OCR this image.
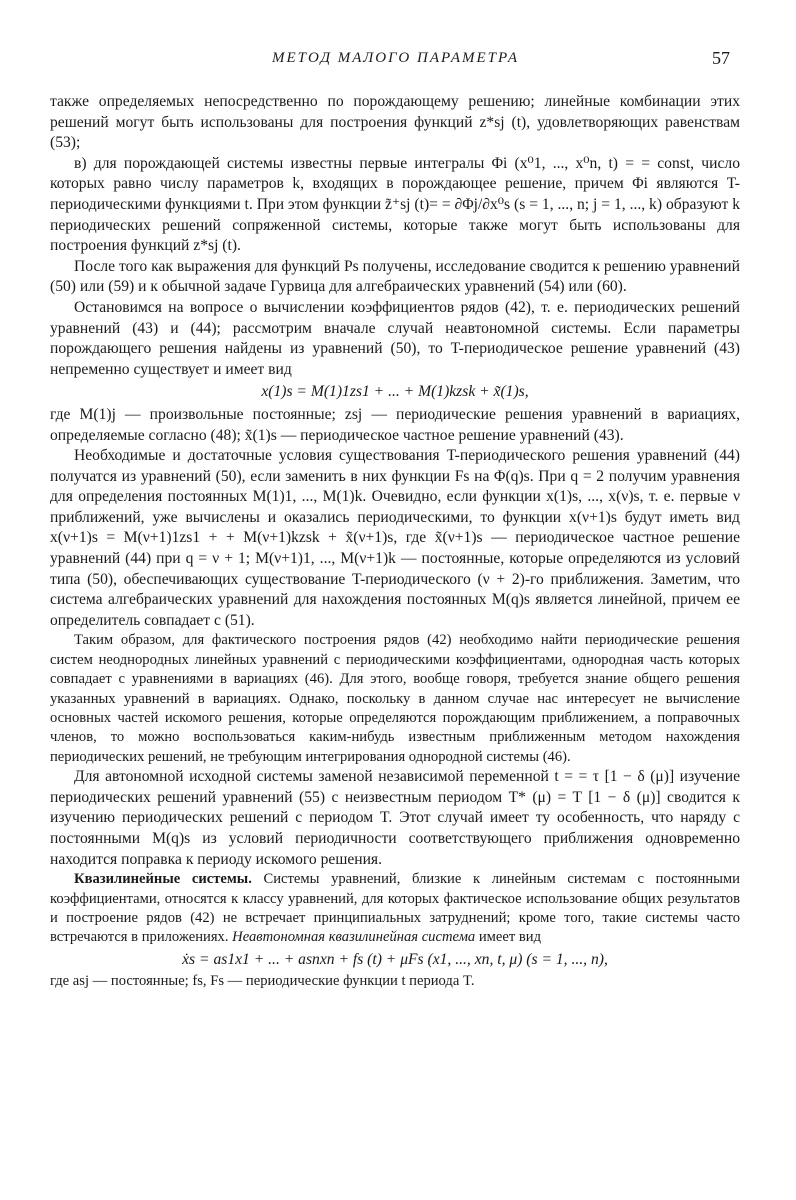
МЕТОД МАЛОГО ПАРАМЕТРА	57

также определяемых непосредственно по порождающему решению; линейные комбинации этих решений могут быть использованы для построения функций z*sj (t), удовлетворяющих равенствам (53);

в) для порождающей системы известны первые интегралы Φi (x⁰1, ..., x⁰n, t) = = const, число которых равно числу параметров k, входящих в порождающее решение, причем Φi являются T-периодическими функциями t. При этом функции z̃⁺sj (t)= = ∂Φj/∂x⁰s (s = 1, ..., n; j = 1, ..., k) образуют k периодических решений сопряженной системы, которые также могут быть использованы для построения функций z*sj (t).

После того как выражения для функций Ps получены, исследование сводится к решению уравнений (50) или (59) и к обычной задаче Гурвица для алгебраических уравнений (54) или (60).

Остановимся на вопросе о вычислении коэффициентов рядов (42), т. е. периодических решений уравнений (43) и (44); рассмотрим вначале случай неавтономной системы. Если параметры порождающего решения найдены из уравнений (50), то T-периодическое решение уравнений (43) непременно существует и имеет вид

x(1)s = M(1)1zs1 + ... + M(1)kzsk + x̃(1)s,

где M(1)j — произвольные постоянные; zsj — периодические решения уравнений в вариациях, определяемые согласно (48); x̃(1)s — периодическое частное решение уравнений (43).

Необходимые и достаточные условия существования T-периодического решения уравнений (44) получатся из уравнений (50), если заменить в них функции Fs на Φ(q)s. При q = 2 получим уравнения для определения постоянных M(1)1, ..., M(1)k. Очевидно, если функции x(1)s, ..., x(ν)s, т. е. первые ν приближений, уже вычислены и оказались периодическими, то функции x(ν+1)s будут иметь вид x(ν+1)s = M(ν+1)1zs1 + + M(ν+1)kzsk + x̃(ν+1)s, где x̃(ν+1)s — периодическое частное решение уравнений (44) при q = ν + 1; M(ν+1)1, ..., M(ν+1)k — постоянные, которые определяются из условий типа (50), обеспечивающих существование T-периодического (ν + 2)-го приближения. Заметим, что система алгебраических уравнений для нахождения постоянных M(q)s является линейной, причем ее определитель совпадает с (51).

Таким образом, для фактического построения рядов (42) необходимо найти периодические решения систем неоднородных линейных уравнений с периодическими коэффициентами, однородная часть которых совпадает с уравнениями в вариациях (46). Для этого, вообще говоря, требуется знание общего решения указанных уравнений в вариациях. Однако, поскольку в данном случае нас интересует не вычисление основных частей искомого решения, которые определяются порождающим приближением, а поправочных членов, то можно воспользоваться каким-нибудь известным приближенным методом нахождения периодических решений, не требующим интегрирования однородной системы (46).

Для автономной исходной системы заменой независимой переменной t = = τ [1 − δ (μ)] изучение периодических решений уравнений (55) с неизвестным периодом T* (μ) = T [1 − δ (μ)] сводится к изучению периодических решений с периодом T. Этот случай имеет ту особенность, что наряду с постоянными M(q)s из условий периодичности соответствующего приближения одновременно находится поправка к периоду искомого решения.

Квазилинейные системы. Системы уравнений, близкие к линейным системам с постоянными коэффициентами, относятся к классу уравнений, для которых фактическое использование общих результатов и построение рядов (42) не встречает принципиальных затруднений; кроме того, такие системы часто встречаются в приложениях. Неавтономная квазилинейная система имеет вид

ẋs = as1x1 + ... + asnxn + fs (t) + μFs (x1, ..., xn, t, μ) (s = 1, ..., n),

где asj — постоянные; fs, Fs — периодические функции t периода T.
